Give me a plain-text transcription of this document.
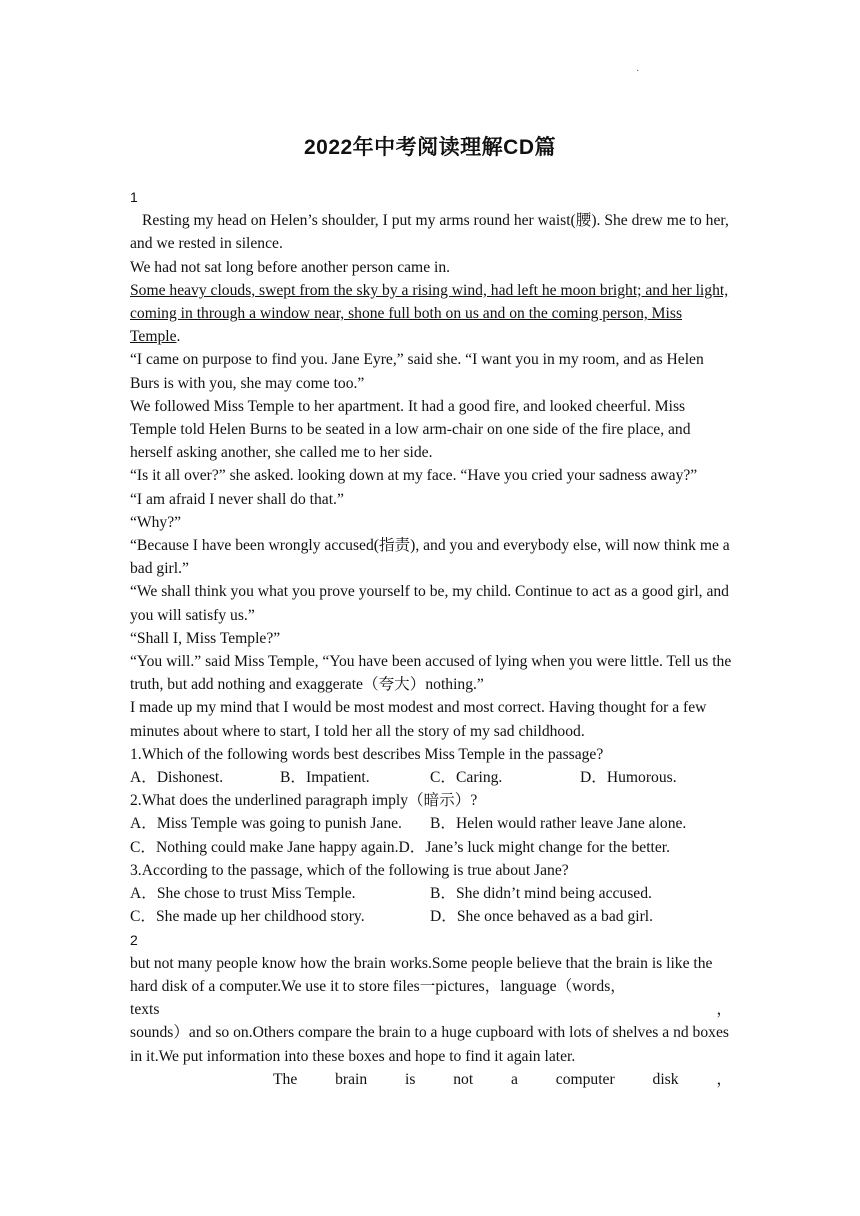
·
2022年中考阅读理解CD篇

1

Resting my head on Helen’s shoulder, I put my arms round her waist(腰). She drew me to her, and we rested in silence.

We had not sat long before another person came in.

Some heavy clouds, swept from the sky by a rising wind, had left he moon bright; and her light, coming in through a window near, shone full both on us and on the coming person, Miss Temple.

“I came on purpose to find you. Jane Eyre,” said she. “I want you in my room, and as Helen Burs is with you, she may come too.”

We followed Miss Temple to her apartment. It had a good fire, and looked cheerful. Miss Temple told Helen Burns to be seated in a low arm-chair on one side of the fire place, and herself asking another, she called me to her side.

“Is it all over?” she asked. looking down at my face. “Have you cried your sadness away?”

“I am afraid I never shall do that.”

“Why?”

“Because I have been wrongly accused(指责), and you and everybody else, will now think me a bad girl.”

“We shall think you what you prove yourself to be, my child. Continue to act as a good girl, and you will satisfy us.”

“Shall I, Miss Temple?”

“You will.” said Miss Temple, “You have been accused of lying when you were little. Tell us the truth, but add nothing and exaggerate（夸大）nothing.”

I made up my mind that I would be most modest and most correct. Having thought for a few minutes about where to start, I told her all the story of my sad childhood.

1.Which of the following words best describes Miss Temple in the passage?

A．Dishonest.	B．Impatient.	C．Caring.	D．Humorous.

2.What does the underlined paragraph imply（暗示）?

A．Miss Temple was going to punish Jane.	B．Helen would rather leave Jane alone.
C．Nothing could make Jane happy again. D．Jane’s luck might change for the better.

3.According to the passage, which of the following is true about Jane?

A．She chose to trust Miss Temple.	B．She didn’t mind being accused.
C．She made up her childhood story.	D．She once behaved as a bad girl.

2

but not many people know how the brain works.Some people believe that the brain is like the hard disk of a computer.We use it to store files一pictures，language（words，

texts	，

sounds）and so on.Others compare the brain to a huge cupboard with lots of shelves a nd boxes in it.We put information into these boxes and hope to find it again later.

The brain is not a computer disk ，
